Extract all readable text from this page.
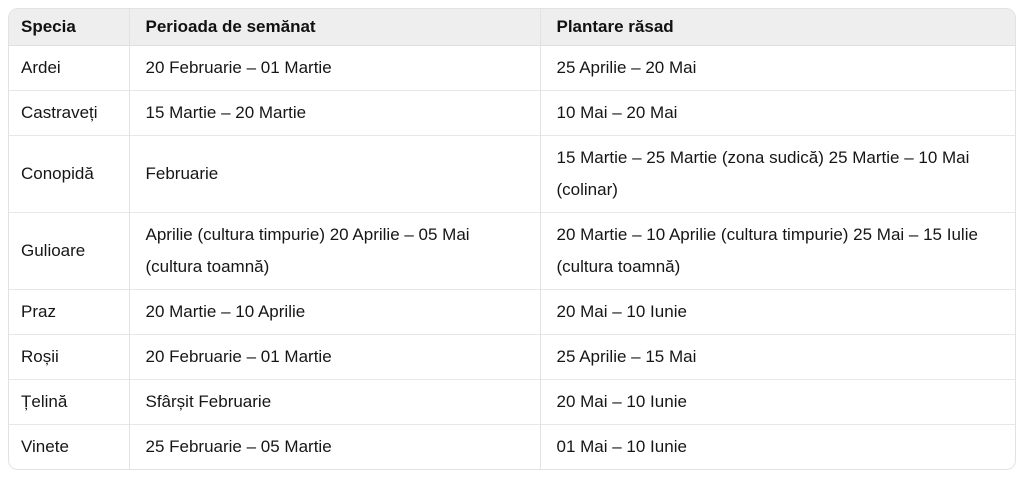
Specia	Perioada de semănat	Plantare răsad
Ardei	20 Februarie – 01 Martie	25 Aprilie – 20 Mai
Castraveți	15 Martie – 20 Martie	10 Mai – 20 Mai
Conopidă	Februarie	15 Martie – 25 Martie (zona sudică) 25 Martie – 10 Mai (colinar)
Gulioare	Aprilie (cultura timpurie) 20 Aprilie – 05 Mai (cultura toamnă)	20 Martie – 10 Aprilie (cultura timpurie) 25 Mai – 15 Iulie (cultura toamnă)
Praz	20 Martie – 10 Aprilie	20 Mai – 10 Iunie
Roșii	20 Februarie – 01 Martie	25 Aprilie – 15 Mai
Țelină	Sfârșit Februarie	20 Mai – 10 Iunie
Vinete	25 Februarie – 05 Martie	01 Mai – 10 Iunie
